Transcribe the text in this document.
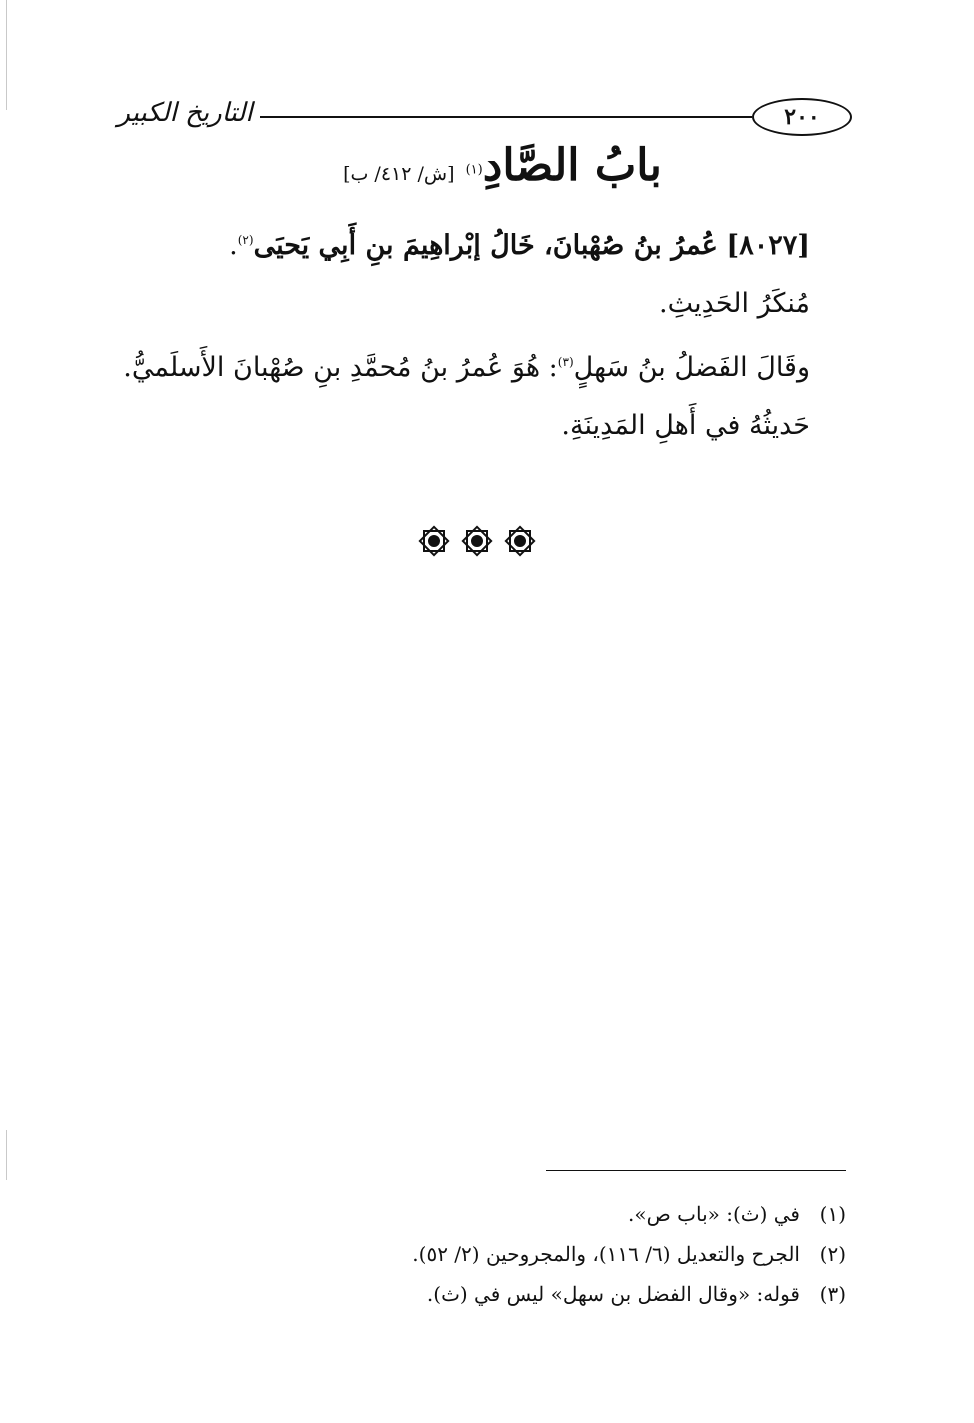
التاريخ الكبير	٢٠٠
بابُ الصَّادِ$^{(١)}$ [ش/ ٤١٢/ ب]
[٨٠٢٧] عُمرُ بنُ صُهْبانَ، خَالُ إبْراهِيمَ بنِ أَبِي يَحيَى$^{(٢)}$.
مُنكَرُ الحَدِيثِ.
وقَالَ الفَضلُ بنُ سَهلٍ$^{(٣)}$: هُوَ عُمرُ بنُ مُحمَّدِ بنِ صُهْبانَ الأَسلَميُّ.
حَديثُهُ في أَهلِ المَدِينَةِ.

(١)في (ث): «باب ص».
(٢)الجرح والتعديل (٦/ ١١٦)، والمجروحين (٢/ ٥٢).
(٣)قوله: «وقال الفضل بن سهل» ليس في (ث).
